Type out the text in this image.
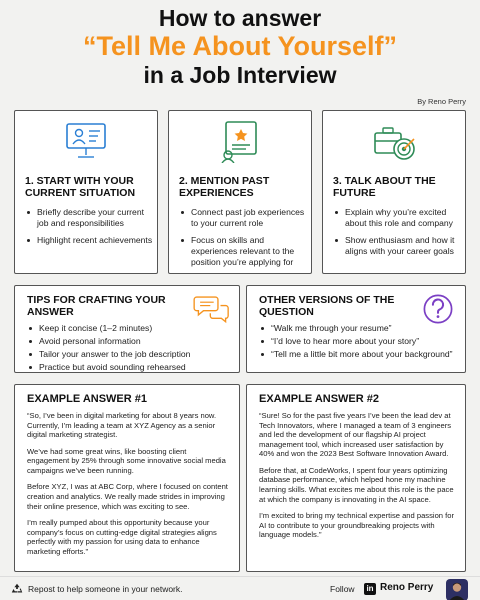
How to answer
“Tell Me About Yourself”
in a Job Interview
By Reno Perry
1. START WITH YOUR CURRENT SITUATION
Briefly describe your current job and responsibilities
Highlight recent achievements
2. MENTION PAST EXPERIENCES
Connect past job experiences to your current role
Focus on skills and experiences relevant to the position you’re applying for
3. TALK ABOUT THE FUTURE
Explain why you’re excited about this role and company
Show enthusiasm and how it aligns with your career goals
TIPS FOR CRAFTING YOUR ANSWER
Keep it concise (1–2 minutes)
Avoid personal information
Tailor your answer to the job description
Practice but avoid sounding rehearsed
OTHER VERSIONS OF THE QUESTION
“Walk me through your resume”
“I’d love to hear more about your story”
“Tell me a little bit more about your background”
EXAMPLE ANSWER #1

“So, I’ve been in digital marketing for about 8 years now. Currently, I’m leading a team at XYZ Agency as a senior digital marketing strategist.

We’ve had some great wins, like boosting client engagement by 25% through some innovative social media campaigns we’ve been running.

Before XYZ, I was at ABC Corp, where I focused on content creation and analytics. We really made strides in improving their online presence, which was exciting to see.

I’m really pumped about this opportunity because your company’s focus on cutting-edge digital strategies aligns perfectly with my passion for using data to enhance marketing efforts.”

EXAMPLE ANSWER #2

“Sure! So for the past five years I’ve been the lead dev at Tech Innovators, where I managed a team of 3 engineers and led the development of our flagship AI project management tool, which increased user satisfaction by 40% and won the 2023 Best Software Innovation Award.

Before that, at CodeWorks, I spent four years optimizing database performance, which helped hone my machine learning skills. What excites me about this role is the pace at which the company is innovating in the AI space.

I’m excited to bring my technical expertise and passion for AI to contribute to your groundbreaking projects with language models.”

Repost to help someone in your network.	Follow	in Reno Perry
